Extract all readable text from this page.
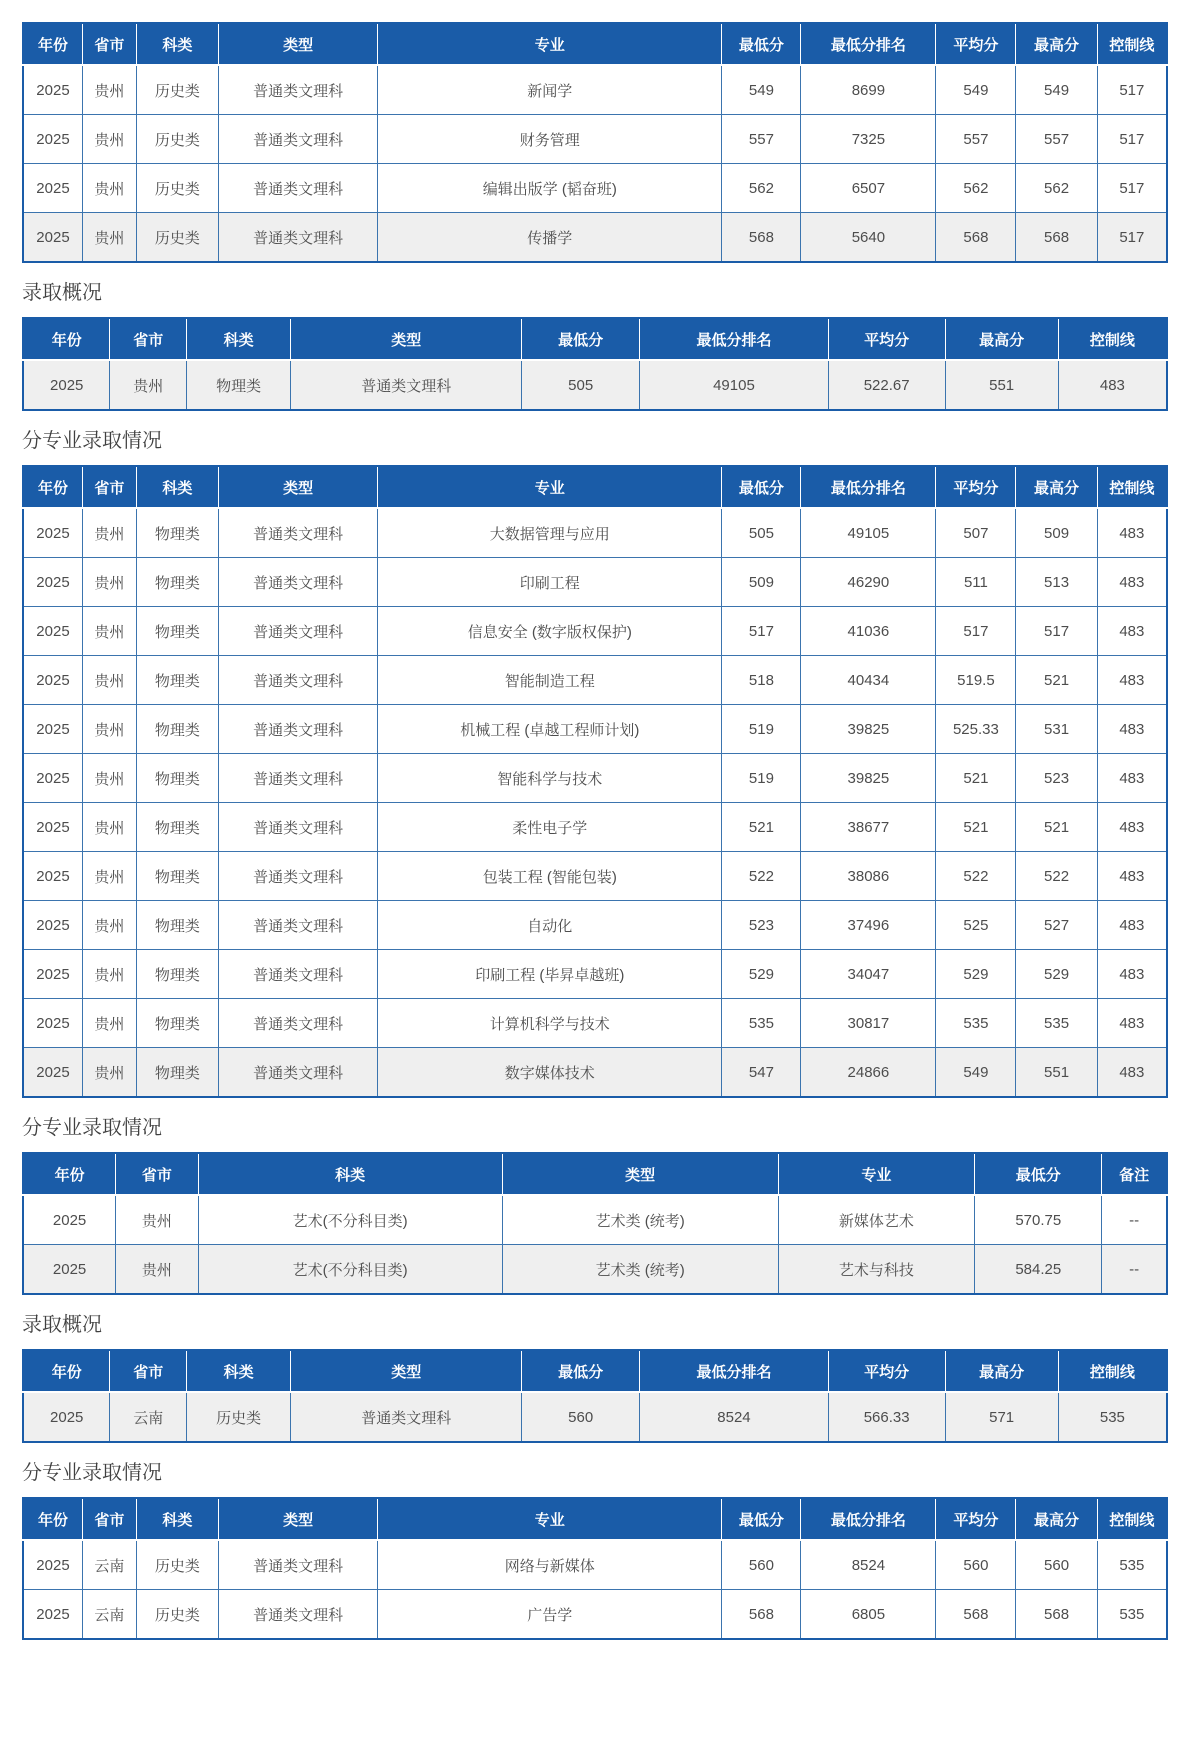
年份	省市	科类	类型	专业	最低分	最低分排名	平均分	最高分	控制线
2025	贵州	历史类	普通类文理科	新闻学	549	8699	549	549	517
2025	贵州	历史类	普通类文理科	财务管理	557	7325	557	557	517
2025	贵州	历史类	普通类文理科	编辑出版学 (韬奋班)	562	6507	562	562	517
2025	贵州	历史类	普通类文理科	传播学	568	5640	568	568	517
录取概况
年份	省市	科类	类型	最低分	最低分排名	平均分	最高分	控制线
2025	贵州	物理类	普通类文理科	505	49105	522.67	551	483
分专业录取情况
年份	省市	科类	类型	专业	最低分	最低分排名	平均分	最高分	控制线
2025	贵州	物理类	普通类文理科	大数据管理与应用	505	49105	507	509	483
2025	贵州	物理类	普通类文理科	印刷工程	509	46290	511	513	483
2025	贵州	物理类	普通类文理科	信息安全 (数字版权保护)	517	41036	517	517	483
2025	贵州	物理类	普通类文理科	智能制造工程	518	40434	519.5	521	483
2025	贵州	物理类	普通类文理科	机械工程 (卓越工程师计划)	519	39825	525.33	531	483
2025	贵州	物理类	普通类文理科	智能科学与技术	519	39825	521	523	483
2025	贵州	物理类	普通类文理科	柔性电子学	521	38677	521	521	483
2025	贵州	物理类	普通类文理科	包装工程 (智能包装)	522	38086	522	522	483
2025	贵州	物理类	普通类文理科	自动化	523	37496	525	527	483
2025	贵州	物理类	普通类文理科	印刷工程 (毕昇卓越班)	529	34047	529	529	483
2025	贵州	物理类	普通类文理科	计算机科学与技术	535	30817	535	535	483
2025	贵州	物理类	普通类文理科	数字媒体技术	547	24866	549	551	483
分专业录取情况
年份	省市	科类	类型	专业	最低分	备注
2025	贵州	艺术(不分科目类)	艺术类 (统考)	新媒体艺术	570.75	--
2025	贵州	艺术(不分科目类)	艺术类 (统考)	艺术与科技	584.25	--
录取概况
年份	省市	科类	类型	最低分	最低分排名	平均分	最高分	控制线
2025	云南	历史类	普通类文理科	560	8524	566.33	571	535
分专业录取情况
年份	省市	科类	类型	专业	最低分	最低分排名	平均分	最高分	控制线
2025	云南	历史类	普通类文理科	网络与新媒体	560	8524	560	560	535
2025	云南	历史类	普通类文理科	广告学	568	6805	568	568	535
